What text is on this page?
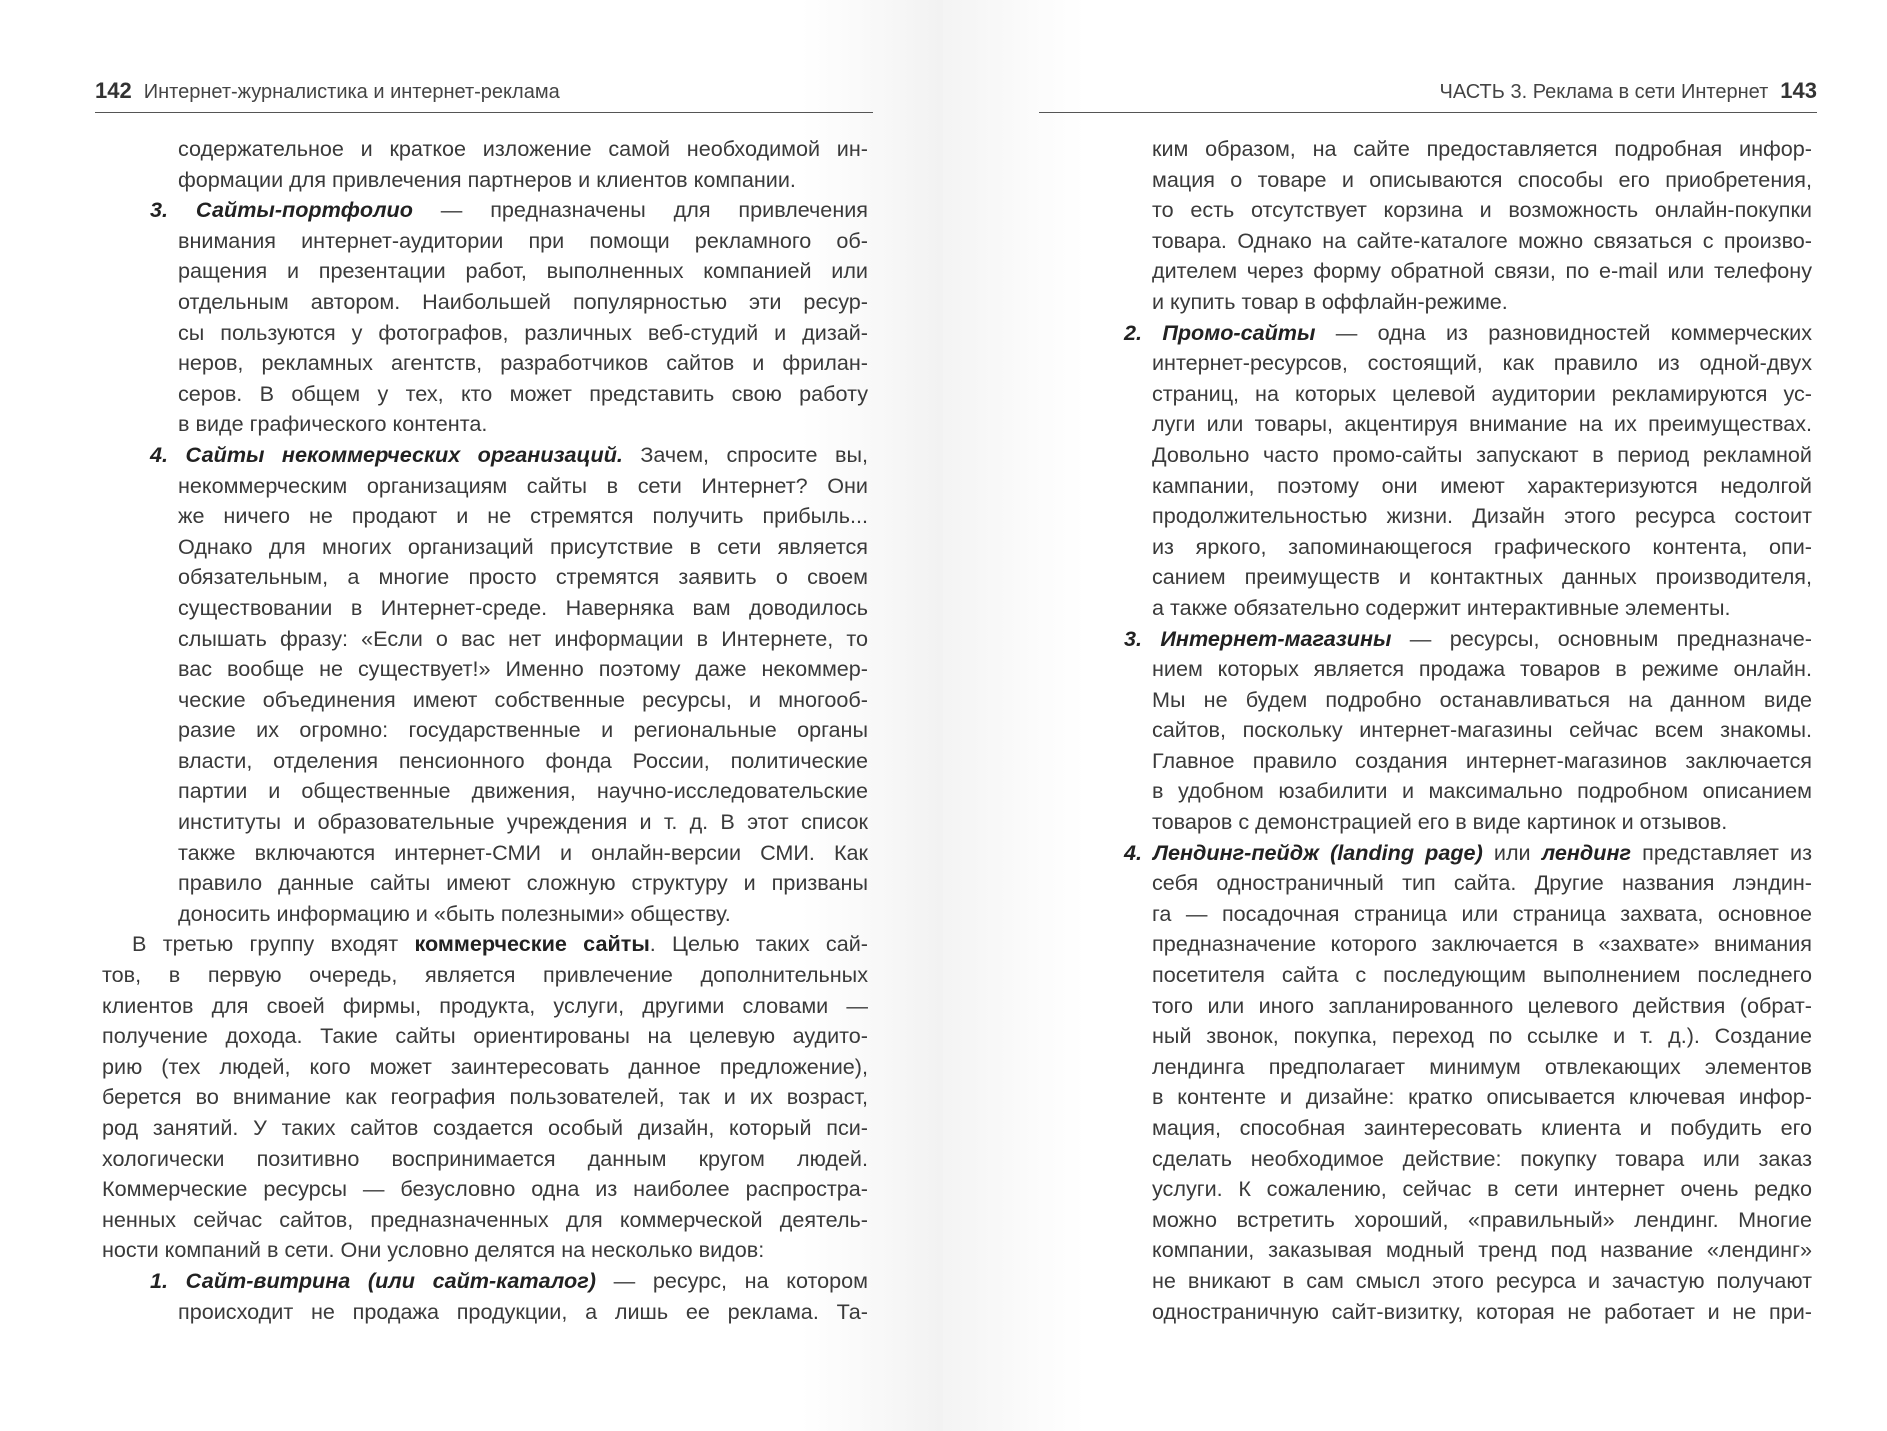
142 Интернет-журналистика и интернет-реклама
содержательное и краткое изложение самой необходимой ин-
формации для привлечения партнеров и клиентов компании.
3. Сайты-портфолио — предназначены для привлечения
внимания интернет-аудитории при помощи рекламного об-
ращения и презентации работ, выполненных компанией или
отдельным автором. Наибольшей популярностью эти ресур-
сы пользуются у фотографов, различных веб-студий и дизай-
неров, рекламных агентств, разработчиков сайтов и фрилан-
серов. В общем у тех, кто может представить свою работу
в виде графического контента.
4. Сайты некоммерческих организаций. Зачем, спросите вы,
некоммерческим организациям сайты в сети Интернет? Они
же ничего не продают и не стремятся получить прибыль...
Однако для многих организаций присутствие в сети является
обязательным, а многие просто стремятся заявить о своем
существовании в Интернет-среде. Наверняка вам доводилось
слышать фразу: «Если о вас нет информации в Интернете, то
вас вообще не существует!» Именно поэтому даже некоммер-
ческие объединения имеют собственные ресурсы, и многооб-
разие их огромно: государственные и региональные органы
власти, отделения пенсионного фонда России, политические
партии и общественные движения, научно-исследовательские
институты и образовательные учреждения и т. д. В этот список
также включаются интернет-СМИ и онлайн-версии СМИ. Как
правило данные сайты имеют сложную структуру и призваны
доносить информацию и «быть полезными» обществу.
В третью группу входят коммерческие сайты. Целью таких сай-
тов, в первую очередь, является привлечение дополнительных
клиентов для своей фирмы, продукта, услуги, другими словами —
получение дохода. Такие сайты ориентированы на целевую аудито-
рию (тех людей, кого может заинтересовать данное предложение),
берется во внимание как география пользователей, так и их возраст,
род занятий. У таких сайтов создается особый дизайн, который пси-
хологически позитивно воспринимается данным кругом людей.
Коммерческие ресурсы — безусловно одна из наиболее распростра-
ненных сейчас сайтов, предназначенных для коммерческой деятель-
ности компаний в сети. Они условно делятся на несколько видов:
1. Сайт-витрина (или сайт-каталог) — ресурс, на котором
происходит не продажа продукции, а лишь ее реклама. Та-
ЧАСТЬ 3. Реклама в сети Интернет 143
ким образом, на сайте предоставляется подробная инфор-
мация о товаре и описываются способы его приобретения,
то есть отсутствует корзина и возможность онлайн-покупки
товара. Однако на сайте-каталоге можно связаться с произво-
дителем через форму обратной связи, по e-mail или телефону
и купить товар в оффлайн-режиме.
2. Промо-сайты — одна из разновидностей коммерческих
интернет-ресурсов, состоящий, как правило из одной-двух
страниц, на которых целевой аудитории рекламируются ус-
луги или товары, акцентируя внимание на их преимуществах.
Довольно часто промо-сайты запускают в период рекламной
кампании, поэтому они имеют характеризуются недолгой
продолжительностью жизни. Дизайн этого ресурса состоит
из яркого, запоминающегося графического контента, опи-
санием преимуществ и контактных данных производителя,
а также обязательно содержит интерактивные элементы.
3. Интернет-магазины — ресурсы, основным предназначе-
нием которых является продажа товаров в режиме онлайн.
Мы не будем подробно останавливаться на данном виде
сайтов, поскольку интернет-магазины сейчас всем знакомы.
Главное правило создания интернет-магазинов заключается
в удобном юзабилити и максимально подробном описанием
товаров с демонстрацией его в виде картинок и отзывов.
4. Лендинг-пейдж (landing page) или лендинг представляет из
себя одностраничный тип сайта. Другие названия лэндин-
га — посадочная страница или страница захвата, основное
предназначение которого заключается в «захвате» внимания
посетителя сайта с последующим выполнением последнего
того или иного запланированного целевого действия (обрат-
ный звонок, покупка, переход по ссылке и т. д.). Создание
лендинга предполагает минимум отвлекающих элементов
в контенте и дизайне: кратко описывается ключевая инфор-
мация, способная заинтересовать клиента и побудить его
сделать необходимое действие: покупку товара или заказ
услуги. К сожалению, сейчас в сети интернет очень редко
можно встретить хороший, «правильный» лендинг. Многие
компании, заказывая модный тренд под название «лендинг»
не вникают в сам смысл этого ресурса и зачастую получают
одностраничную сайт-визитку, которая не работает и не при-
